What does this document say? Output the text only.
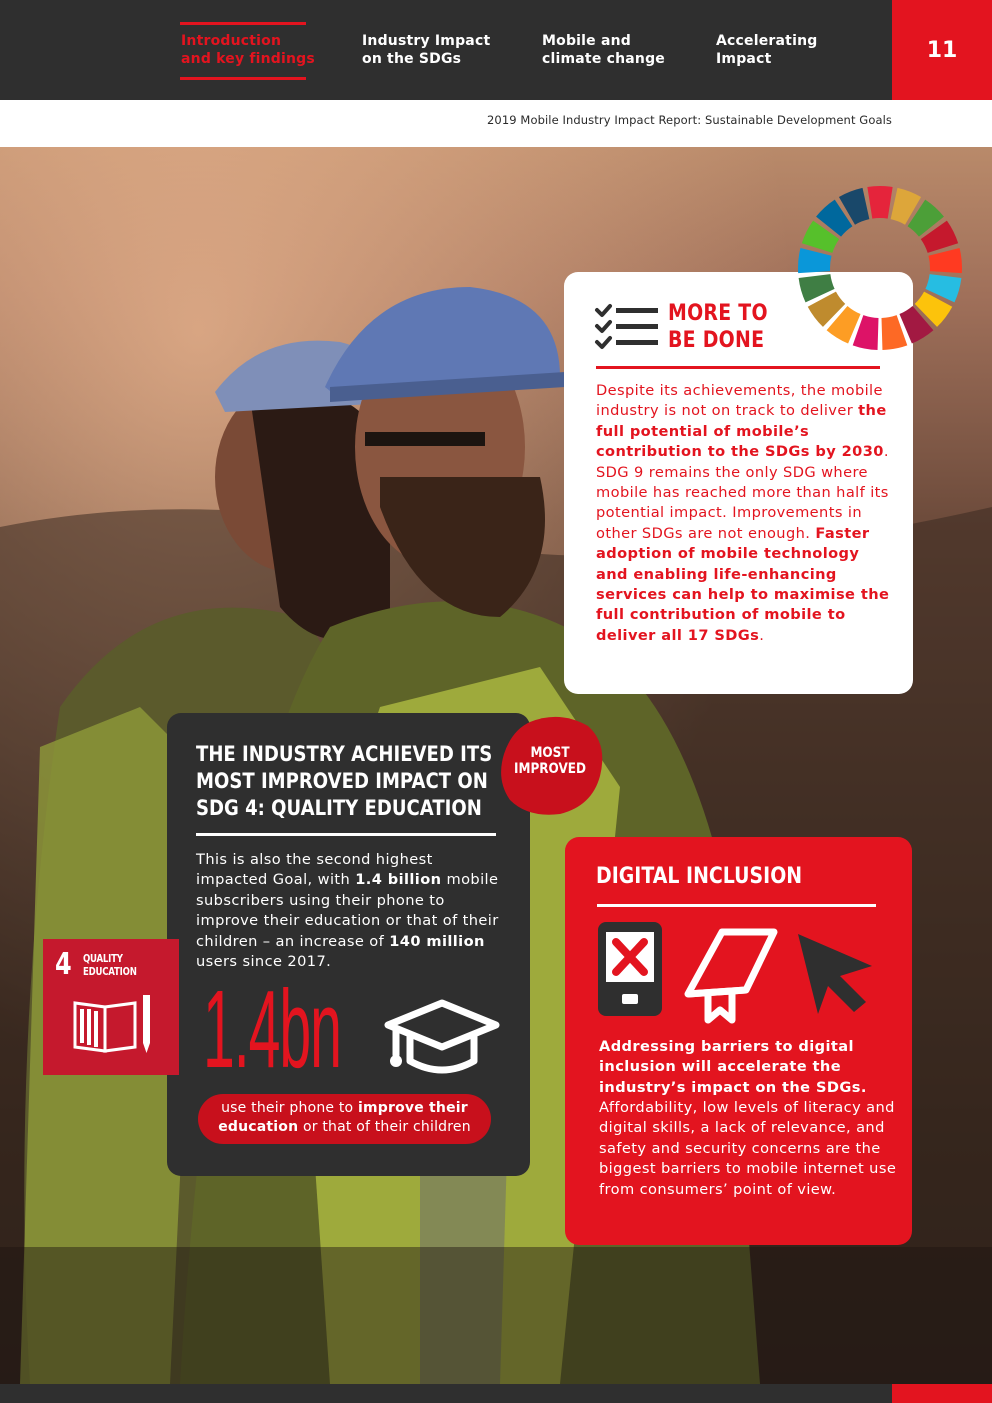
Introduction
and key findings
Industry Impact
on the SDGs
Mobile and
climate change
Accelerating
Impact	11
2019 Mobile Industry Impact Report: Sustainable Development Goals
MORE TO
BE DONE
Despite its achievements, the mobile industry is not on track to deliver the full potential of mobile’s contribution to the SDGs by 2030. SDG 9 remains the only SDG where mobile has reached more than half its potential impact. Improvements in other SDGs are not enough. Faster adoption of mobile technology and enabling life-enhancing services can help to maximise the full contribution of mobile to deliver all 17 SDGs.
THE INDUSTRY ACHIEVED ITS
MOST IMPROVED IMPACT ON
SDG 4: QUALITY EDUCATION
MOST
IMPROVED
This is also the second highest impacted Goal, with 1.4 billion mobile subscribers using their phone to improve their education or that of their children – an increase of 140 million users since 2017.
1.4bn
use their phone to improve their education or that of their children
4 QUALITY
EDUCATION
DIGITAL INCLUSION
Addressing barriers to digital inclusion will accelerate the industry’s impact on the SDGs.
Affordability, low levels of literacy and digital skills, a lack of relevance, and safety and security concerns are the biggest barriers to mobile internet use from consumers’ point of view.
